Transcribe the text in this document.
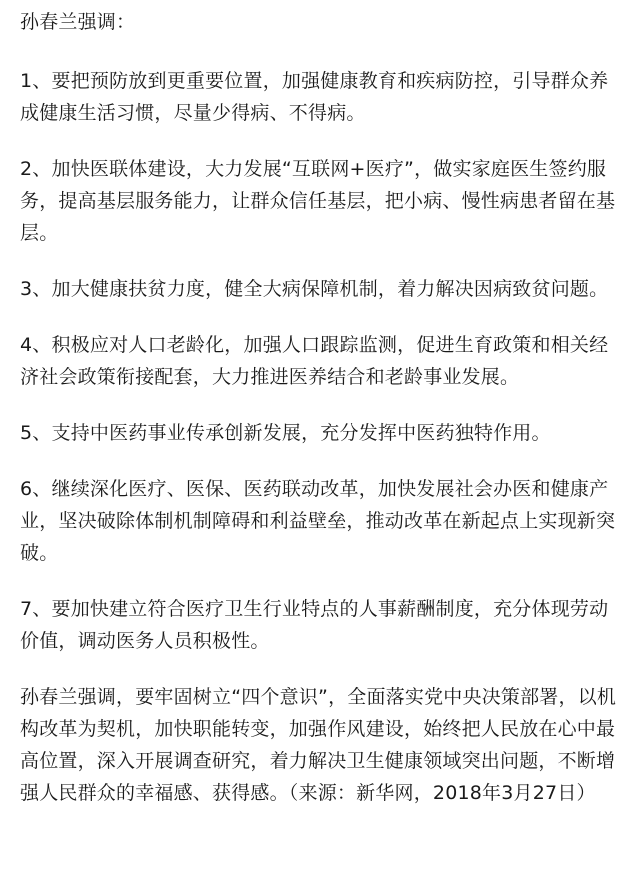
孙春兰强调：

1、要把预防放到更重要位置，加强健康教育和疾病防控，引导群众养成健康生活习惯，尽量少得病、不得病。

2、加快医联体建设，大力发展“互联网+医疗”，做实家庭医生签约服务，提高基层服务能力，让群众信任基层，把小病、慢性病患者留在基层。

3、加大健康扶贫力度，健全大病保障机制，着力解决因病致贫问题。

4、积极应对人口老龄化，加强人口跟踪监测，促进生育政策和相关经济社会政策衔接配套，大力推进医养结合和老龄事业发展。

5、支持中医药事业传承创新发展，充分发挥中医药独特作用。

6、继续深化医疗、医保、医药联动改革，加快发展社会办医和健康产业，坚决破除体制机制障碍和利益壁垒，推动改革在新起点上实现新突破。

7、要加快建立符合医疗卫生行业特点的人事薪酬制度，充分体现劳动价值，调动医务人员积极性。

孙春兰强调，要牢固树立“四个意识”，全面落实党中央决策部署，以机构改革为契机，加快职能转变，加强作风建设，始终把人民放在心中最高位置，深入开展调查研究，着力解决卫生健康领域突出问题，不断增强人民群众的幸福感、获得感。（来源：新华网，2018年3月27日）
